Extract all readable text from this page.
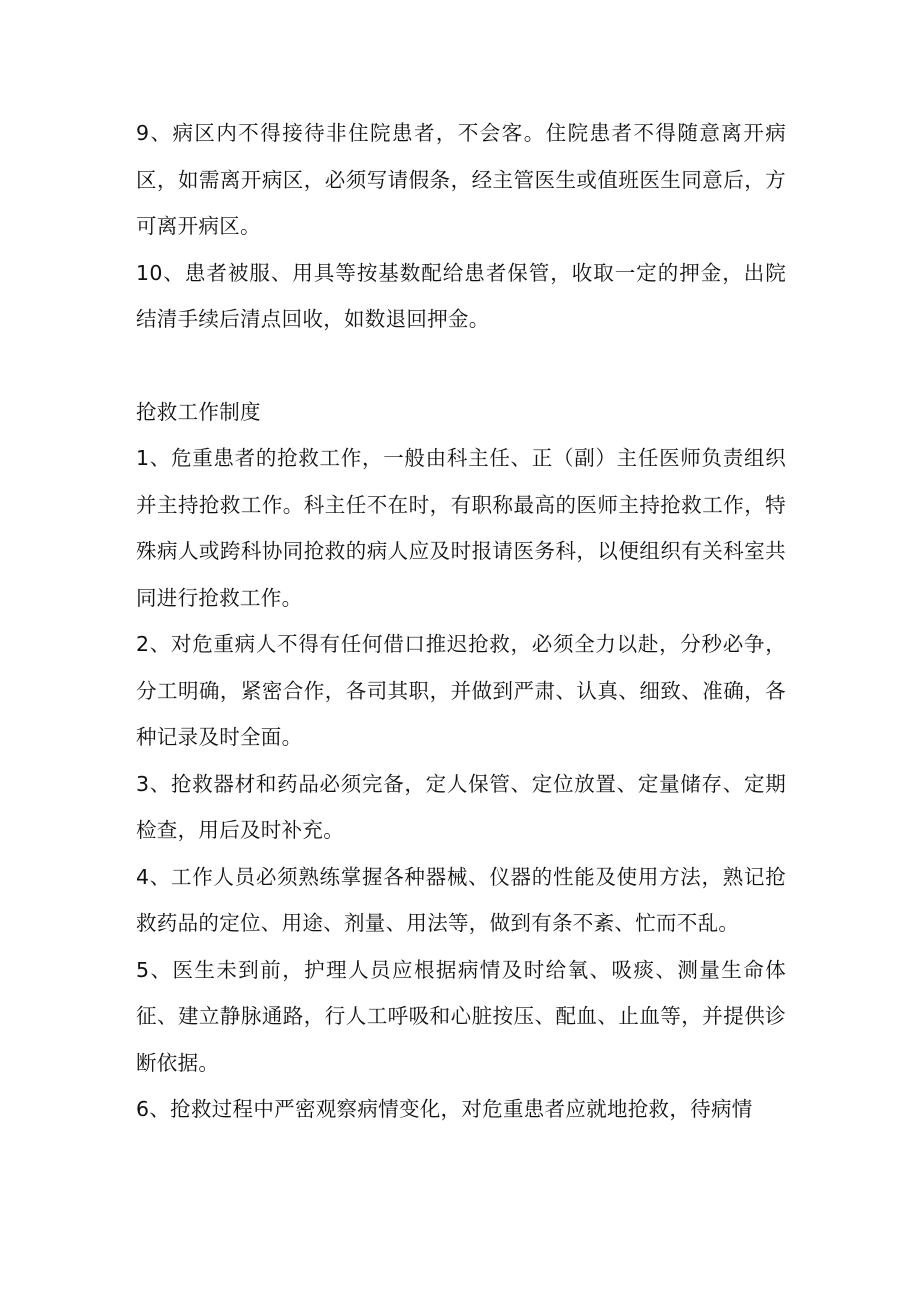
9、病区内不得接待非住院患者，不会客。住院患者不得随意离开病区，如需离开病区，必须写请假条，经主管医生或值班医生同意后，方可离开病区。

10、患者被服、用具等按基数配给患者保管，收取一定的押金，出院结清手续后清点回收，如数退回押金。

抢救工作制度

1、危重患者的抢救工作，一般由科主任、正（副）主任医师负责组织并主持抢救工作。科主任不在时，有职称最高的医师主持抢救工作，特殊病人或跨科协同抢救的病人应及时报请医务科，以便组织有关科室共同进行抢救工作。

2、对危重病人不得有任何借口推迟抢救，必须全力以赴，分秒必争，分工明确，紧密合作，各司其职，并做到严肃、认真、细致、准确，各种记录及时全面。

3、抢救器材和药品必须完备，定人保管、定位放置、定量储存、定期检查，用后及时补充。

4、工作人员必须熟练掌握各种器械、仪器的性能及使用方法，熟记抢救药品的定位、用途、剂量、用法等，做到有条不紊、忙而不乱。

5、医生未到前，护理人员应根据病情及时给氧、吸痰、测量生命体征、建立静脉通路，行人工呼吸和心脏按压、配血、止血等，并提供诊断依据。

6、抢救过程中严密观察病情变化，对危重患者应就地抢救，待病情
